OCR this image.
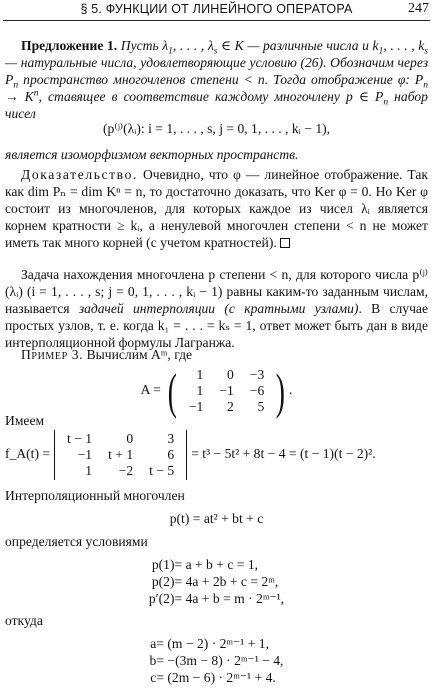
§ 5. ФУНКЦИИ ОТ ЛИНЕЙНОГО ОПЕРАТОРА	247
Предложение 1. Пусть $\lambda_1$, . . . , $\lambda_s$ ∈ K — различные числа и $k_1$, . . . , $k_s$ — натуральные числа, удовлетворяющие условию (26). Обозначим через $P_n$ пространство многочленов степени < n. Тогда отображение φ: $P_n \to K^n$, ставящее в соответствие каждому многочлену p ∈ $P_n$ набор чисел
(p⁽ʲ⁾(λᵢ): i = 1, . . . , s, j = 0, 1, . . . , kᵢ − 1),
является изоморфизмом векторных пространств.
Доказательство. Очевидно, что φ — линейное отображение. Так как dim Pₙ = dim Kⁿ = n, то достаточно доказать, что Ker φ = 0. Но Ker φ состоит из многочленов, для которых каждое из чисел λᵢ является корнем кратности ≥ kᵢ, а ненулевой многочлен степени < n не может иметь так много корней (с учетом кратностей).
Задача нахождения многочлена p степени < n, для которого числа p⁽ʲ⁾(λᵢ) (i = 1, . . . , s; j = 0, 1, . . . , kᵢ − 1) равны каким-то заданным числам, называется задачей интерполяции (с кратными узлами). В случае простых узлов, т. е. когда k₁ = . . . = kₛ = 1, ответ может быть дан в виде интерполяционной формулы Лагранжа.
Пример 3. Вычислим Aᵐ, где
A = ( 1	0	−3
1	−1	−6
−1	2	5 ) .
Имеем
f_A(t) =t − 1	0	3
−1	t + 1	6
1	−2	t − 5= t³ − 5t² + 8t − 4 = (t − 1)(t − 2)².
Интерполяционный многочлен
p(t) = at² + bt + c
определяется условиями
p(1)	= a + b + c = 1,
p(2)	= 4a + 2b + c = 2ᵐ,
p′(2)	= 4a + b = m · 2ᵐ⁻¹,
откуда
a	= (m − 2) · 2ᵐ⁻¹ + 1,
b	= −(3m − 8) · 2ᵐ⁻¹ − 4,
c	= (2m − 6) · 2ᵐ⁻¹ + 4.
